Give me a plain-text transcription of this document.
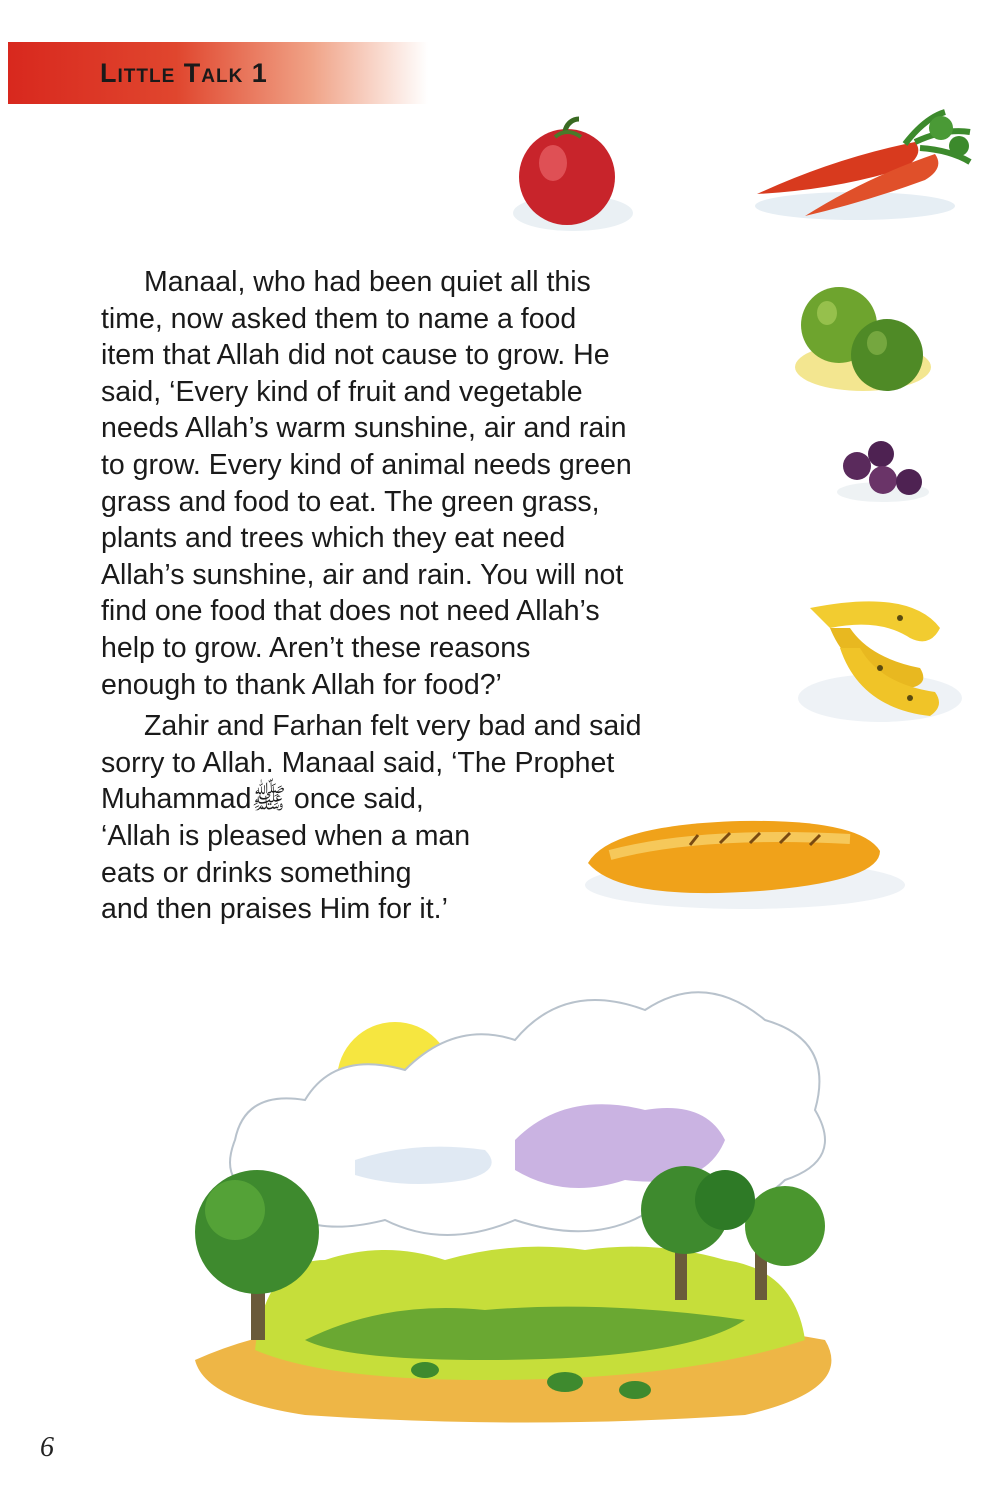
Little Talk 1

Manaal, who had been quiet all this
time, now asked them to name a food
item that Allah did not cause to grow. He
said, ‘Every kind of fruit and vegetable
needs Allah’s warm sunshine, air and rain
to grow. Every kind of animal needs green
grass and food to eat. The green grass,
plants and trees which they eat need
Allah’s sunshine, air and rain. You will not
find one food that does not need Allah’s
help to grow. Aren’t these reasons
enough to thank Allah for food?’

Zahir and Farhan felt very bad and said
sorry to Allah. Manaal said, ‘The Prophet
Muhammadﷺ once said,
‘Allah is pleased when a man
eats or drinks something
and then praises Him for it.’

6
